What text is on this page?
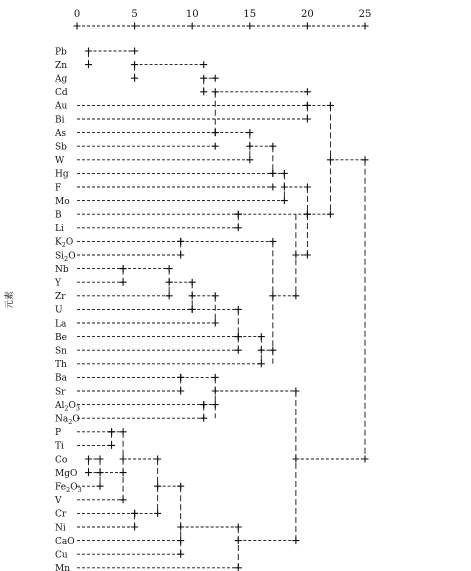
0	5	10	15	20	25
Pb
Zn
Ag
Cd
Au
Bi
As
Sb
W
Hg
F
Mo
B
Li
$K_2O$
$Si_2O$
Nb
Y
Zr
U
La
Be
Sn
Th
Ba
Sr
$Al_2O_3$
$Na_2O$
P
Ti
Co
MgO
$Fe_2O_3$
V
Cr
Ni
CaO
Cu
Mn
元素
